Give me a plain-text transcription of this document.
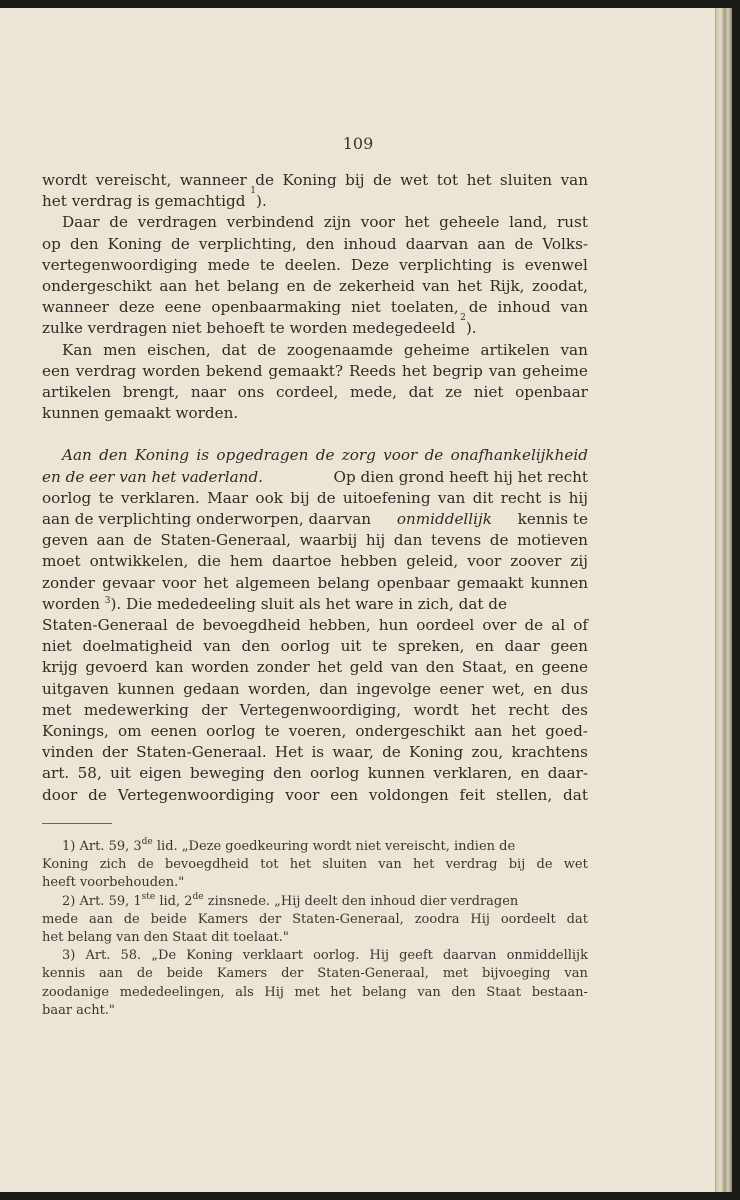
109
wordt vereischt, wanneer de Koning bij de wet tot het sluiten van
het verdrag is gemachtigd
1
).
Daar de verdragen verbindend zijn voor het geheele land, rust
op den Koning de verplichting, den inhoud daarvan aan de Volks-
vertegenwoordiging mede te deelen. Deze verplichting is evenwel
ondergeschikt aan het belang en de zekerheid van het Rijk, zoodat,
wanneer deze eene openbaarmaking niet toelaten, de inhoud van
zulke verdragen niet behoeft te worden medegedeeld
2
).
Kan men eischen, dat de zoogenaamde geheime artikelen van
een verdrag worden bekend gemaakt? Reeds het begrip van geheime
artikelen brengt, naar ons cordeel, mede, dat ze niet openbaar
kunnen gemaakt worden.
Aan den Koning is opgedragen de zorg voor de onafhankelijkheid
en de eer van het vaderland.	Op dien grond heeft hij het recht
oorlog te verklaren. Maar ook bij de uitoefening van dit recht is hij
aan de verplichting onderworpen, daarvan onmiddellijk kennis te
geven aan de Staten-Generaal, waarbij hij dan tevens de motieven
moet ontwikkelen, die hem daartoe hebben geleid, voor zoover zij
zonder gevaar voor het algemeen belang openbaar gemaakt kunnen
worden $^3$). Die mededeeling sluit als het ware in zich, dat de
Staten-Generaal de bevoegdheid hebben, hun oordeel over de al of
niet doelmatigheid van den oorlog uit te spreken, en daar geen
krijg gevoerd kan worden zonder het geld van den Staat, en geene
uitgaven kunnen gedaan worden, dan ingevolge eener wet, en dus
met medewerking der Vertegenwoordiging, wordt het recht des
Konings, om eenen oorlog te voeren, ondergeschikt aan het goed-
vinden der Staten-Generaal. Het is waar, de Koning zou, krachtens
art. 58, uit eigen beweging den oorlog kunnen verklaren, en daar-
door de Vertegenwoordiging voor een voldongen feit stellen, dat
1) Art. 59, 3de lid. „Deze goedkeuring wordt niet vereischt, indien de
Koning zich de bevoegdheid tot het sluiten van het verdrag bij de wet
heeft voorbehouden."
2) Art. 59, 1ste lid, 2de zinsnede. „Hij deelt den inhoud dier verdragen
mede aan de beide Kamers der Staten-Generaal, zoodra Hij oordeelt dat
het belang van den Staat dit toelaat."
3) Art. 58. „De Koning verklaart oorlog. Hij geeft daarvan onmiddellijk
kennis aan de beide Kamers der Staten-Generaal, met bijvoeging van
zoodanige mededeelingen, als Hij met het belang van den Staat bestaan-
baar acht."
